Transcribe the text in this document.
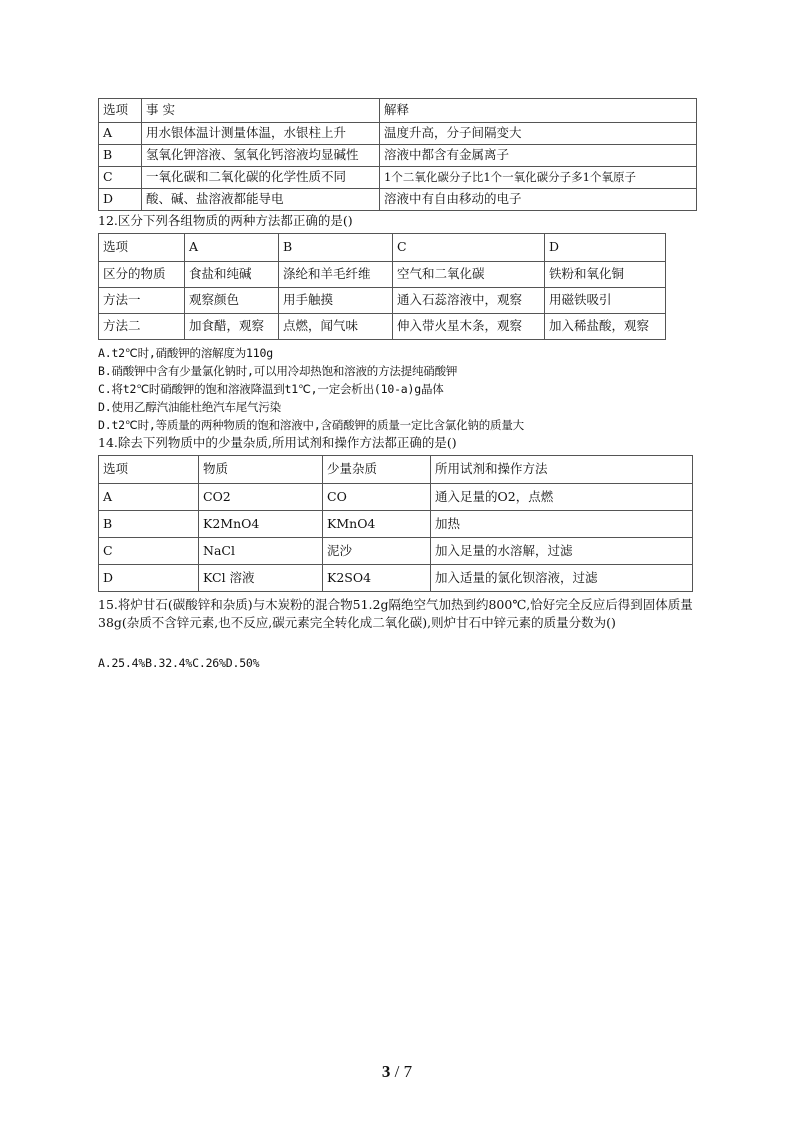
选项	事 实	解释
A	用水银体温计测量体温，水银柱上升	温度升高，分子间隔变大
B	氢氧化钾溶液、氢氧化钙溶液均显碱性	溶液中都含有金属离子
C	一氧化碳和二氧化碳的化学性质不同	1个二氧化碳分子比1个一氧化碳分子多1个氧原子
D	酸、碱、盐溶液都能导电	溶液中有自由移动的电子
12.区分下列各组物质的两种方法都正确的是()
选项	A	B	C	D
区分的物质	食盐和纯碱	涤纶和羊毛纤维	空气和二氧化碳	铁粉和氧化铜
方法一	观察颜色	用手触摸	通入石蕊溶液中，观察	用磁铁吸引
方法二	加食醋，观察	点燃，闻气味	伸入带火星木条，观察	加入稀盐酸，观察
A.t2℃时,硝酸钾的溶解度为110g
B.硝酸钾中含有少量氯化钠时,可以用冷却热饱和溶液的方法提纯硝酸钾
C.将t2℃时硝酸钾的饱和溶液降温到t1℃,一定会析出(10-a)g晶体
D.使用乙醇汽油能杜绝汽车尾气污染
D.t2℃时,等质量的两种物质的饱和溶液中,含硝酸钾的质量一定比含氯化钠的质量大
14.除去下列物质中的少量杂质,所用试剂和操作方法都正确的是()
选项	物质	少量杂质	所用试剂和操作方法
A	CO2	CO	通入足量的O2，点燃
B	K2MnO4	KMnO4	加热
C	NaCl	泥沙	加入足量的水溶解，过滤
D	KCl 溶液	K2SO4	加入适量的氯化钡溶液，过滤
15.将炉甘石(碳酸锌和杂质)与木炭粉的混合物51.2g隔绝空气加热到约800℃,恰好完全反应后得到固体质量38g(杂质不含锌元素,也不反应,碳元素完全转化成二氧化碳),则炉甘石中锌元素的质量分数为()
A.25.4%B.32.4%C.26%D.50%
3 / 7
